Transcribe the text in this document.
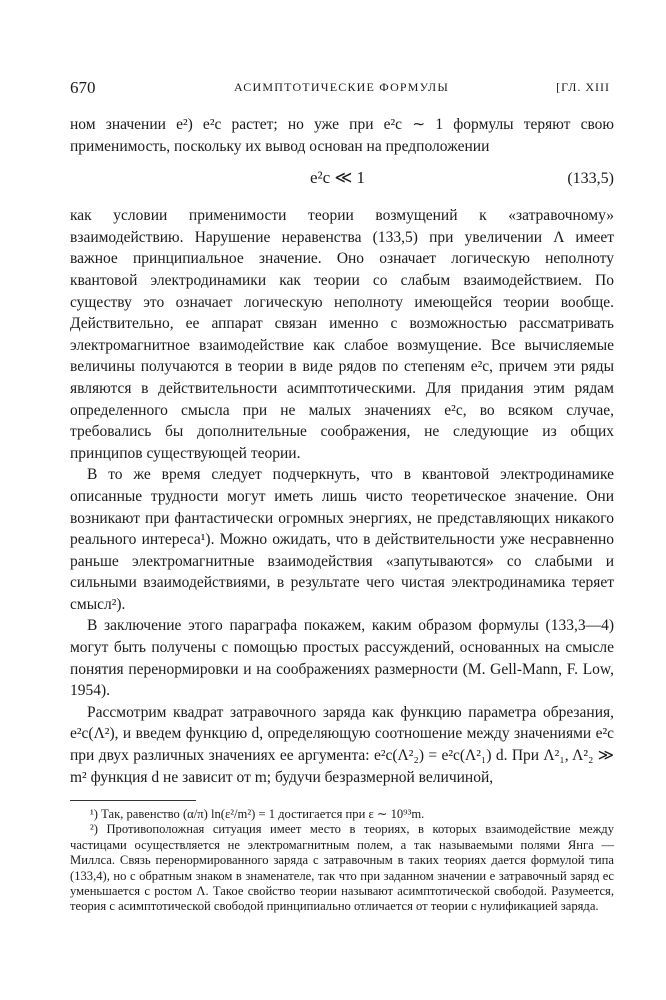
670	АСИМПТОТИЧЕСКИЕ ФОРМУЛЫ	[ГЛ. XIII

ном значении e²) e²c растет; но уже при e²c ∼ 1 формулы теряют свою применимость, поскольку их вывод основан на предположении

e²c ≪ 1	(133,5)

как условии применимости теории возмущений к «затравочному» взаимодействию. Нарушение неравенства (133,5) при увеличении Λ имеет важное принципиальное значение. Оно означает логическую неполноту квантовой электродинамики как теории со слабым взаимодействием. По существу это означает логическую неполноту имеющейся теории вообще. Действительно, ее аппарат связан именно с возможностью рассматривать электромагнитное взаимодействие как слабое возмущение. Все вычисляемые величины получаются в теории в виде рядов по степеням e²c, причем эти ряды являются в действительности асимптотическими. Для придания этим рядам определенного смысла при не малых значениях e²c, во всяком случае, требовались бы дополнительные соображения, не следующие из общих принципов существующей теории.

В то же время следует подчеркнуть, что в квантовой электродинамике описанные трудности могут иметь лишь чисто теоретическое значение. Они возникают при фантастически огромных энергиях, не представляющих никакого реального интереса¹). Можно ожидать, что в действительности уже несравненно раньше электромагнитные взаимодействия «запутываются» со слабыми и сильными взаимодействиями, в результате чего чистая электродинамика теряет смысл²).

В заключение этого параграфа покажем, каким образом формулы (133,3—4) могут быть получены с помощью простых рассуждений, основанных на смысле понятия перенормировки и на соображениях размерности (M. Gell-Mann, F. Low, 1954).

Рассмотрим квадрат затравочного заряда как функцию параметра обрезания, e²c(Λ²), и введем функцию d, определяющую соотношение между значениями e²c при двух различных значениях ее аргумента: e²c(Λ²₂) = e²c(Λ²₁) d. При Λ²₁, Λ²₂ ≫ m² функция d не зависит от m; будучи безразмерной величиной,

¹) Так, равенство (α/π) ln(ε²/m²) = 1 достигается при ε ∼ 10⁹³m.

²) Противоположная ситуация имеет место в теориях, в которых взаимодействие между частицами осуществляется не электромагнитным полем, а так называемыми полями Янга — Миллса. Связь перенормированного заряда с затравочным в таких теориях дается формулой типа (133,4), но с обратным знаком в знаменателе, так что при заданном значении e затравочный заряд eс уменьшается с ростом Λ. Такое свойство теории называют асимптотической свободой. Разумеется, теория с асимптотической свободой принципиально отличается от теории с нулификацией заряда.
